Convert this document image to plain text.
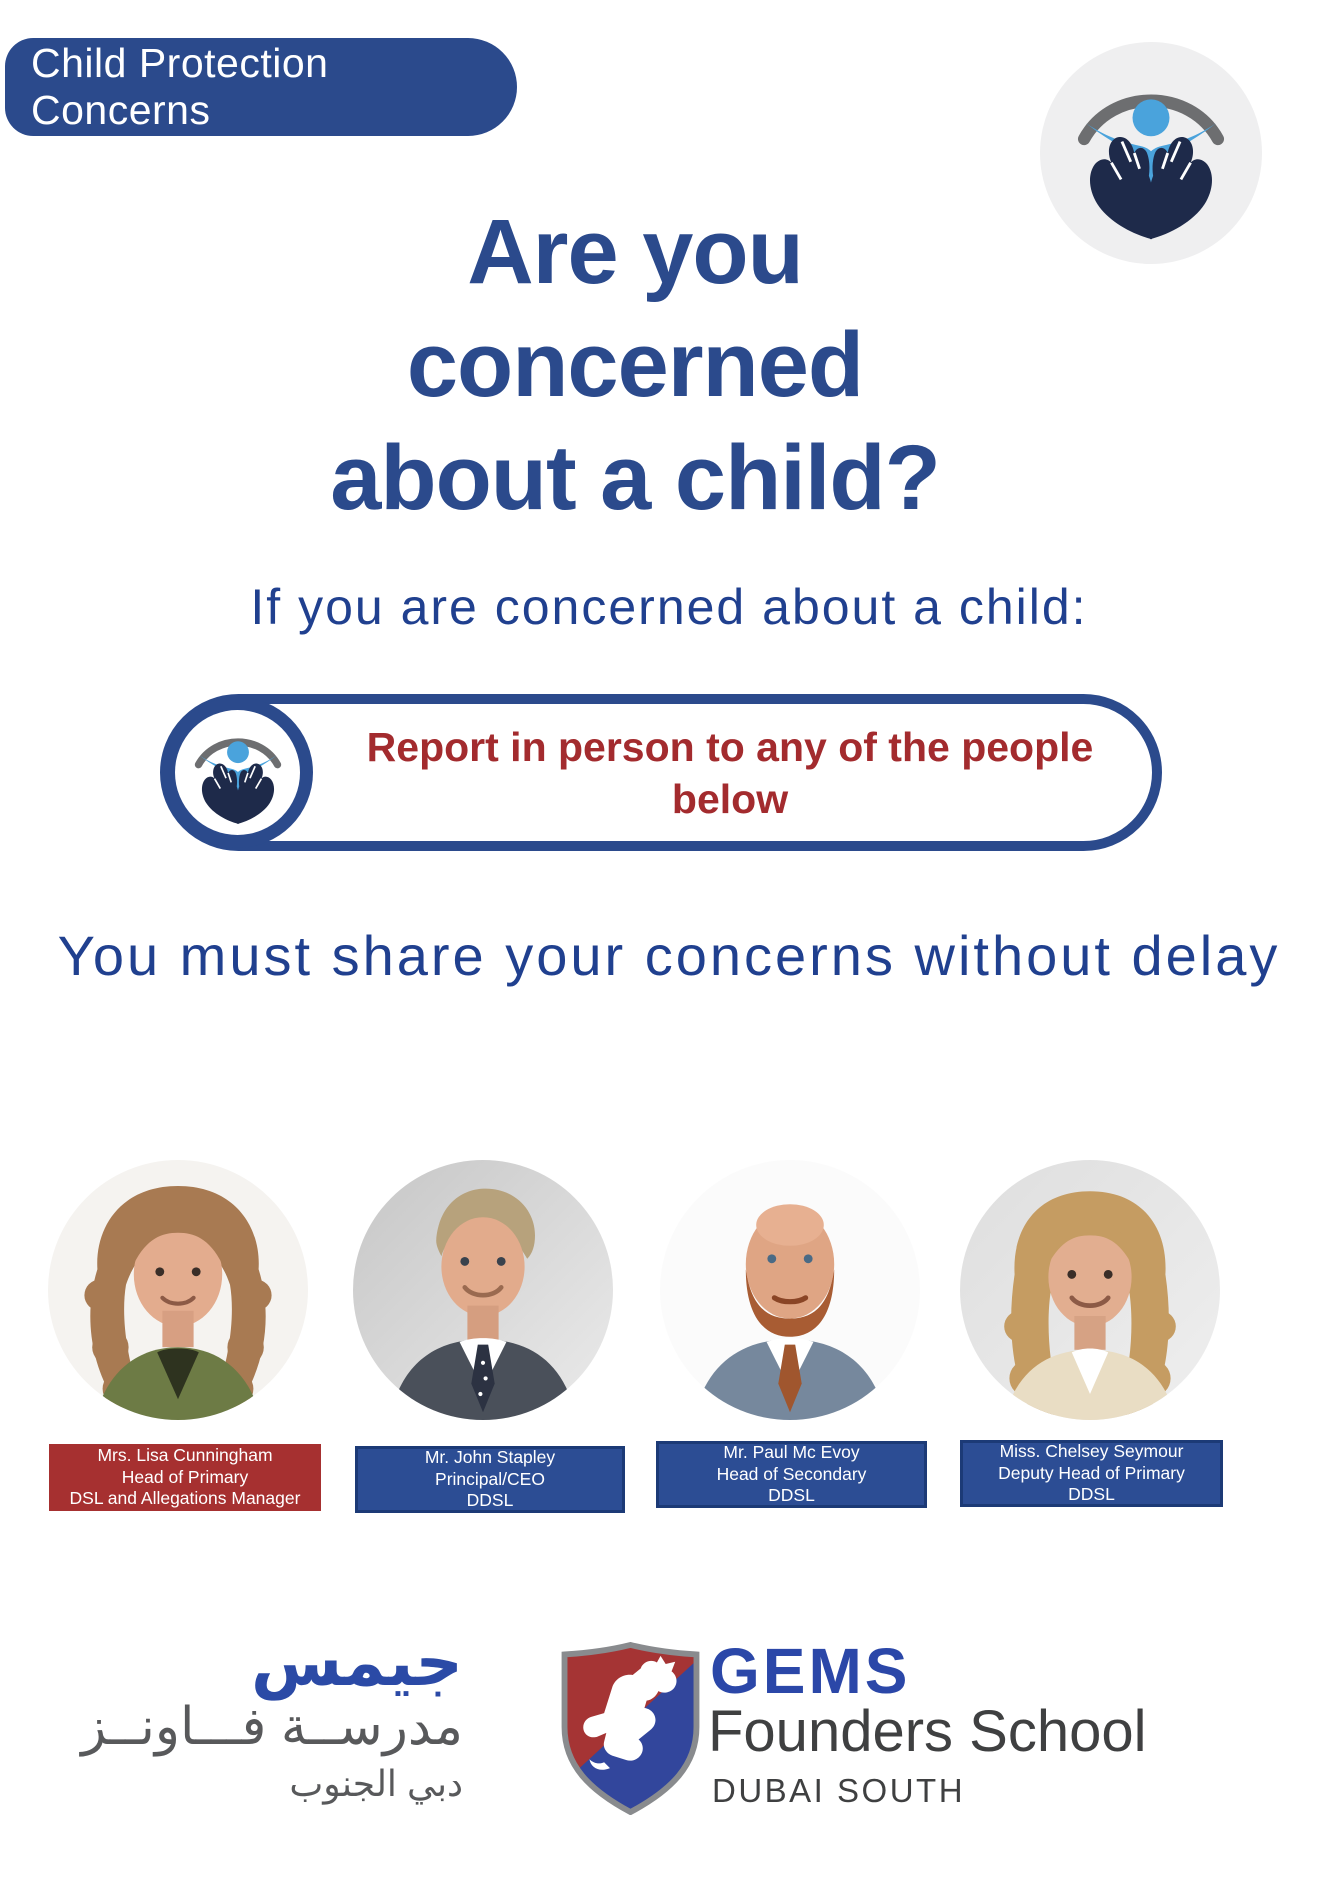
Child Protection Concerns
Are you
concerned
about a child?
If you are concerned about a child:
Report in person to any of the people
below
You must share your concerns without delay
Mrs. Lisa Cunningham
Head of Primary
DSL and Allegations Manager
Mr. John Stapley
Principal/CEO
DDSL
Mr. Paul Mc Evoy
Head of Secondary
DDSL
Miss. Chelsey Seymour
Deputy Head of Primary
DDSL
جيمس
مدرســة فـــاونــز
دبي الجنوب
GEMS
Founders School
DUBAI SOUTH
